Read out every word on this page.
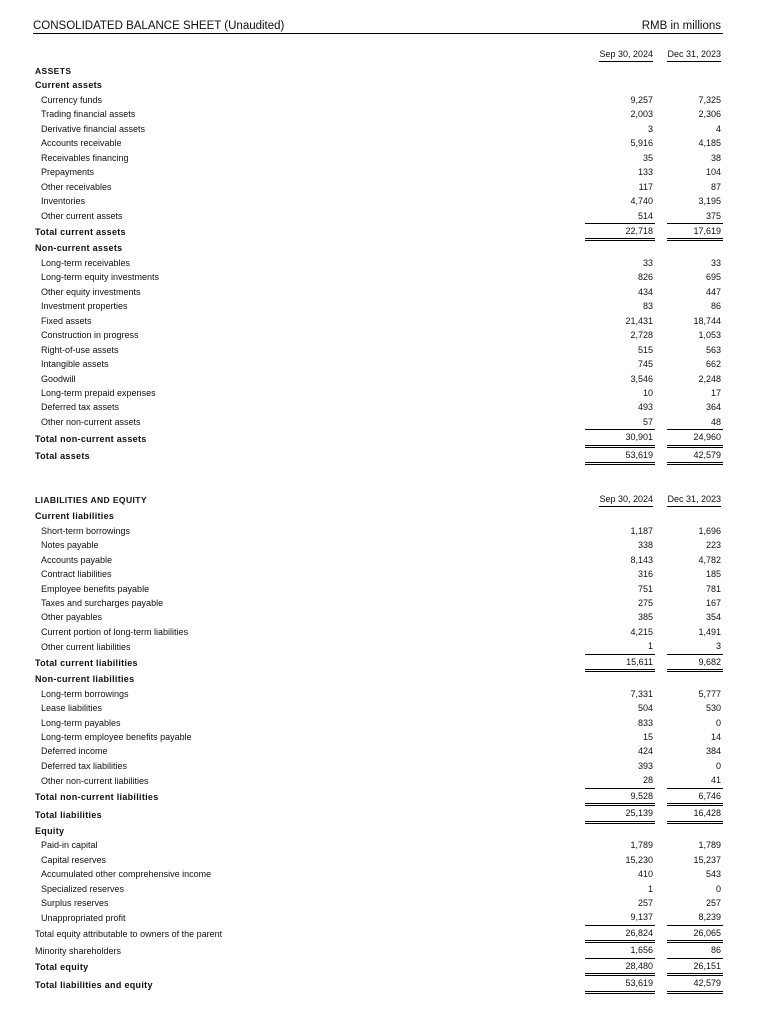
CONSOLIDATED BALANCE SHEET (Unaudited)	RMB in millions
	Sep 30, 2024		Dec 31, 2023
ASSETS			
Current assets			
Currency funds	9,257		7,325
Trading financial assets	2,003		2,306
Derivative financial assets	3		4
Accounts receivable	5,916		4,185
Receivables financing	35		38
Prepayments	133		104
Other receivables	117		87
Inventories	4,740		3,195
Other current assets	514		375
Total current assets	22,718		17,619
Non-current assets			
Long-term receivables	33		33
Long-term equity investments	826		695
Other equity investments	434		447
Investment properties	83		86
Fixed assets	21,431		18,744
Construction in progress	2,728		1,053
Right-of-use assets	515		563
Intangible assets	745		662
Goodwill	3,546		2,248
Long-term prepaid expenses	10		17
Deferred tax assets	493		364
Other non-current assets	57		48
Total non-current assets	30,901		24,960
Total assets	53,619		42,579
LIABILITIES AND EQUITY	Sep 30, 2024		Dec 31, 2023
Current liabilities			
Short-term borrowings	1,187		1,696
Notes payable	338		223
Accounts payable	8,143		4,782
Contract liabilities	316		185
Employee benefits payable	751		781
Taxes and surcharges payable	275		167
Other payables	385		354
Current portion of long-term liabilities	4,215		1,491
Other current liabilities	1		3
Total current liabilities	15,611		9,682
Non-current liabilities			
Long-term borrowings	7,331		5,777
Lease liabilities	504		530
Long-term payables	833		0
Long-term employee benefits payable	15		14
Deferred income	424		384
Deferred tax liabilities	393		0
Other non-current liabilities	28		41
Total non-current liabilities	9,528		6,746
Total liabilities	25,139		16,428
Equity			
Paid-in capital	1,789		1,789
Capital reserves	15,230		15,237
Accumulated other comprehensive income	410		543
Specialized reserves	1		0
Surplus reserves	257		257
Unappropriated profit	9,137		8,239
Total equity attributable to owners of the parent	26,824		26,065
Minority shareholders	1,656		86
Total equity	28,480		26,151
Total liabilities and equity	53,619		42,579
